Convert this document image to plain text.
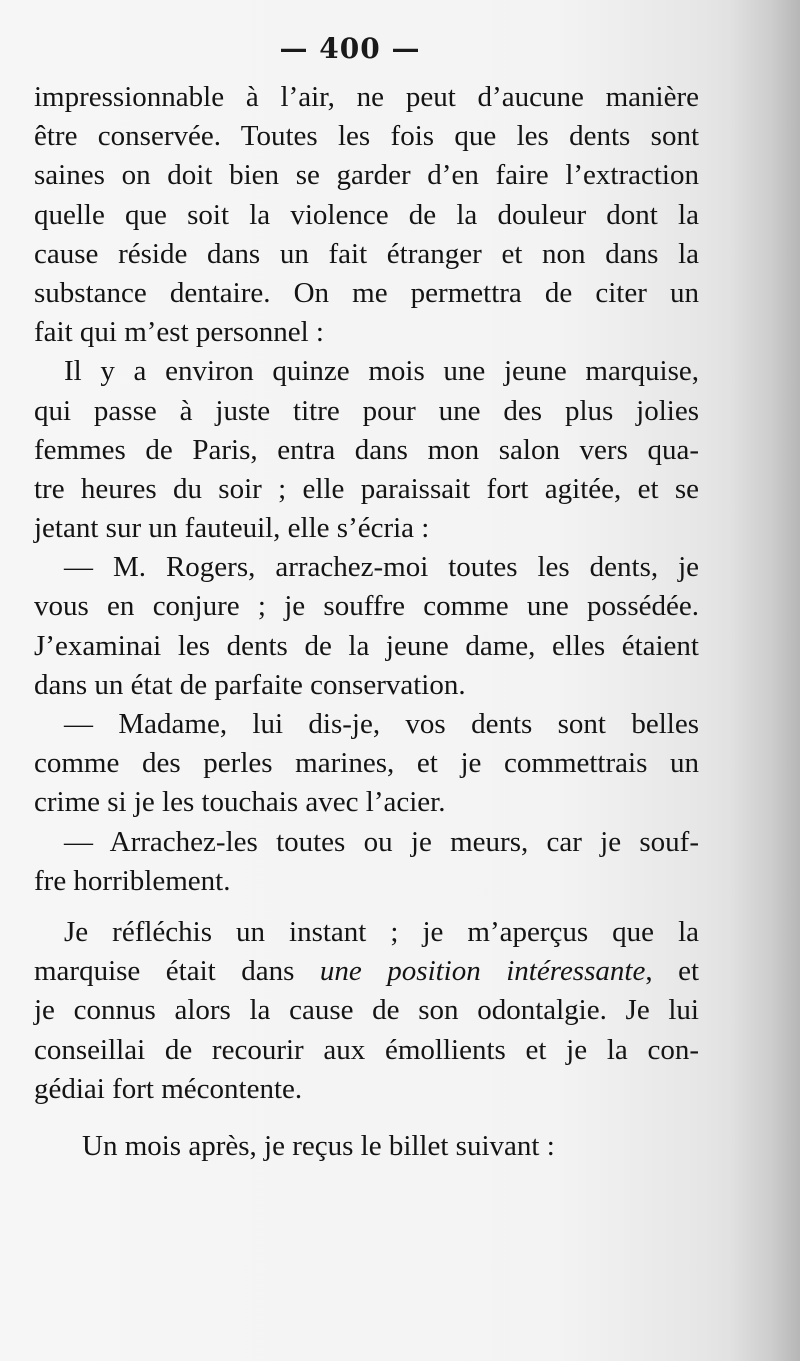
— 400 —
impressionnable à l’air, ne peut d’aucune manière
être conservée. Toutes les fois que les dents sont
saines on doit bien se garder d’en faire l’extraction
quelle que soit la violence de la douleur dont la
cause réside dans un fait étranger et non dans la
substance dentaire. On me permettra de citer un
fait qui m’est personnel :
Il y a environ quinze mois une jeune marquise,
qui passe à juste titre pour une des plus jolies
femmes de Paris, entra dans mon salon vers qua-
tre heures du soir ; elle paraissait fort agitée, et se
jetant sur un fauteuil, elle s’écria :
— M. Rogers, arrachez-moi toutes les dents, je
vous en conjure ; je souffre comme une possédée.
J’examinai les dents de la jeune dame, elles étaient
dans un état de parfaite conservation.
— Madame, lui dis-je, vos dents sont belles
comme des perles marines, et je commettrais un
crime si je les touchais avec l’acier.
— Arrachez-les toutes ou je meurs, car je souf-
fre horriblement.
Je réfléchis un instant ; je m’aperçus que la
marquise était dans une position intéressante, et
je connus alors la cause de son odontalgie. Je lui
conseillai de recourir aux émollients et je la con-
gédiai fort mécontente.
Un mois après, je reçus le billet suivant :
